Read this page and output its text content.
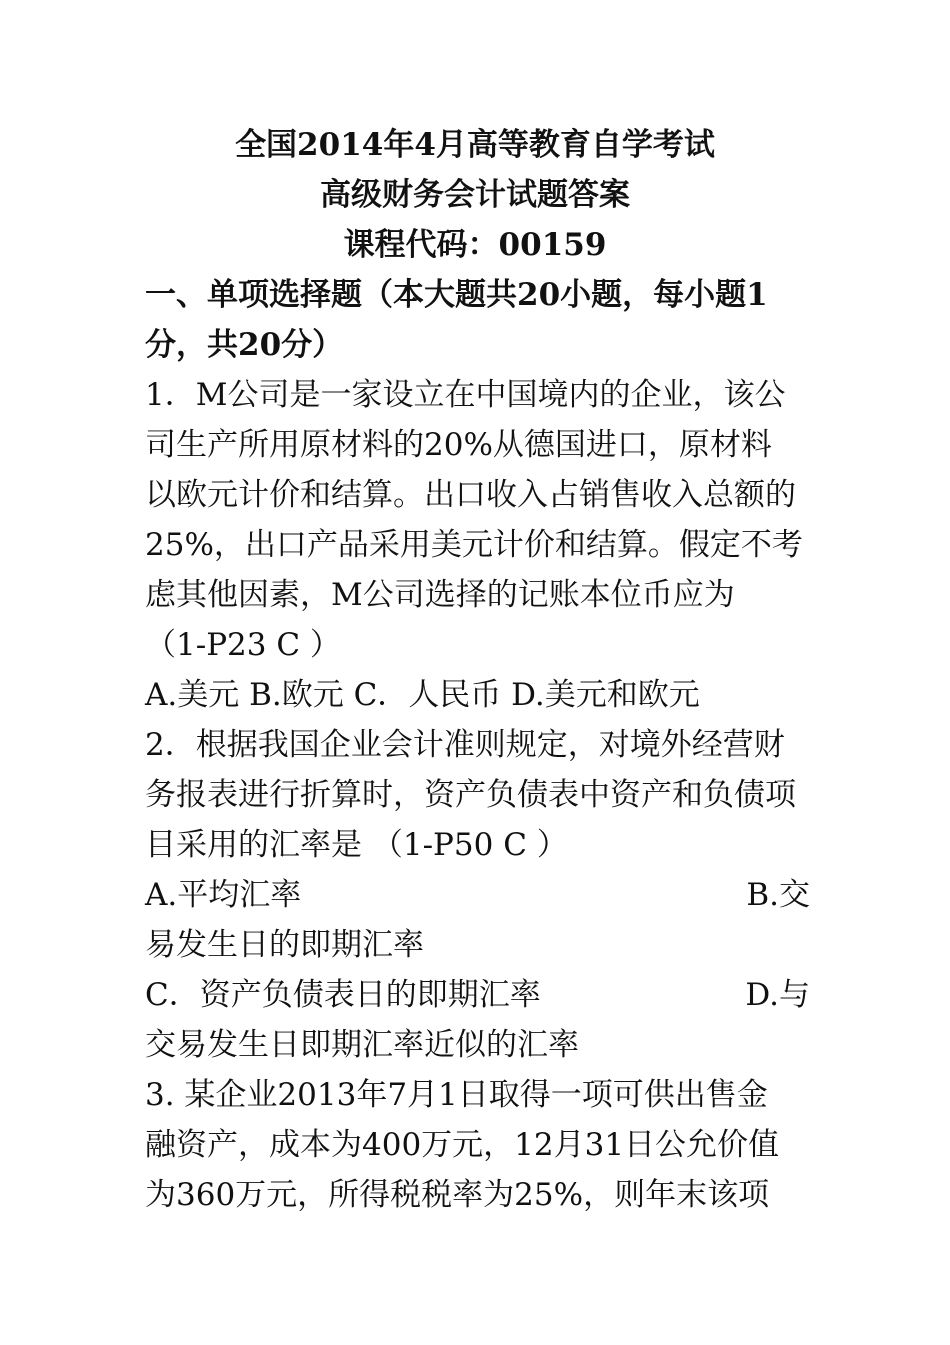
全国2014年4月高等教育自学考试
高级财务会计试题答案
课程代码：00159
一、单项选择题（本大题共20小题，每小题1
分，共20分）
1．M公司是一家设立在中国境内的企业，该公
司生产所用原材料的20%从德国进口，原材料
以欧元计价和结算。出口收入占销售收入总额的
25%，出口产品采用美元计价和结算。假定不考
虑其他因素，M公司选择的记账本位币应为
（1-P23 C ）
A.美元 B.欧元 C．人民币 D.美元和欧元
2．根据我国企业会计准则规定，对境外经营财
务报表进行折算时，资产负债表中资产和负债项
目采用的汇率是 （1-P50 C ）
A.平均汇率	B.交
易发生日的即期汇率
C．资产负债表日的即期汇率	D.与
交易发生日即期汇率近似的汇率
3. 某企业2013年7月1日取得一项可供出售金
融资产，成本为400万元，12月31日公允价值
为360万元，所得税税率为25%，则年末该项
